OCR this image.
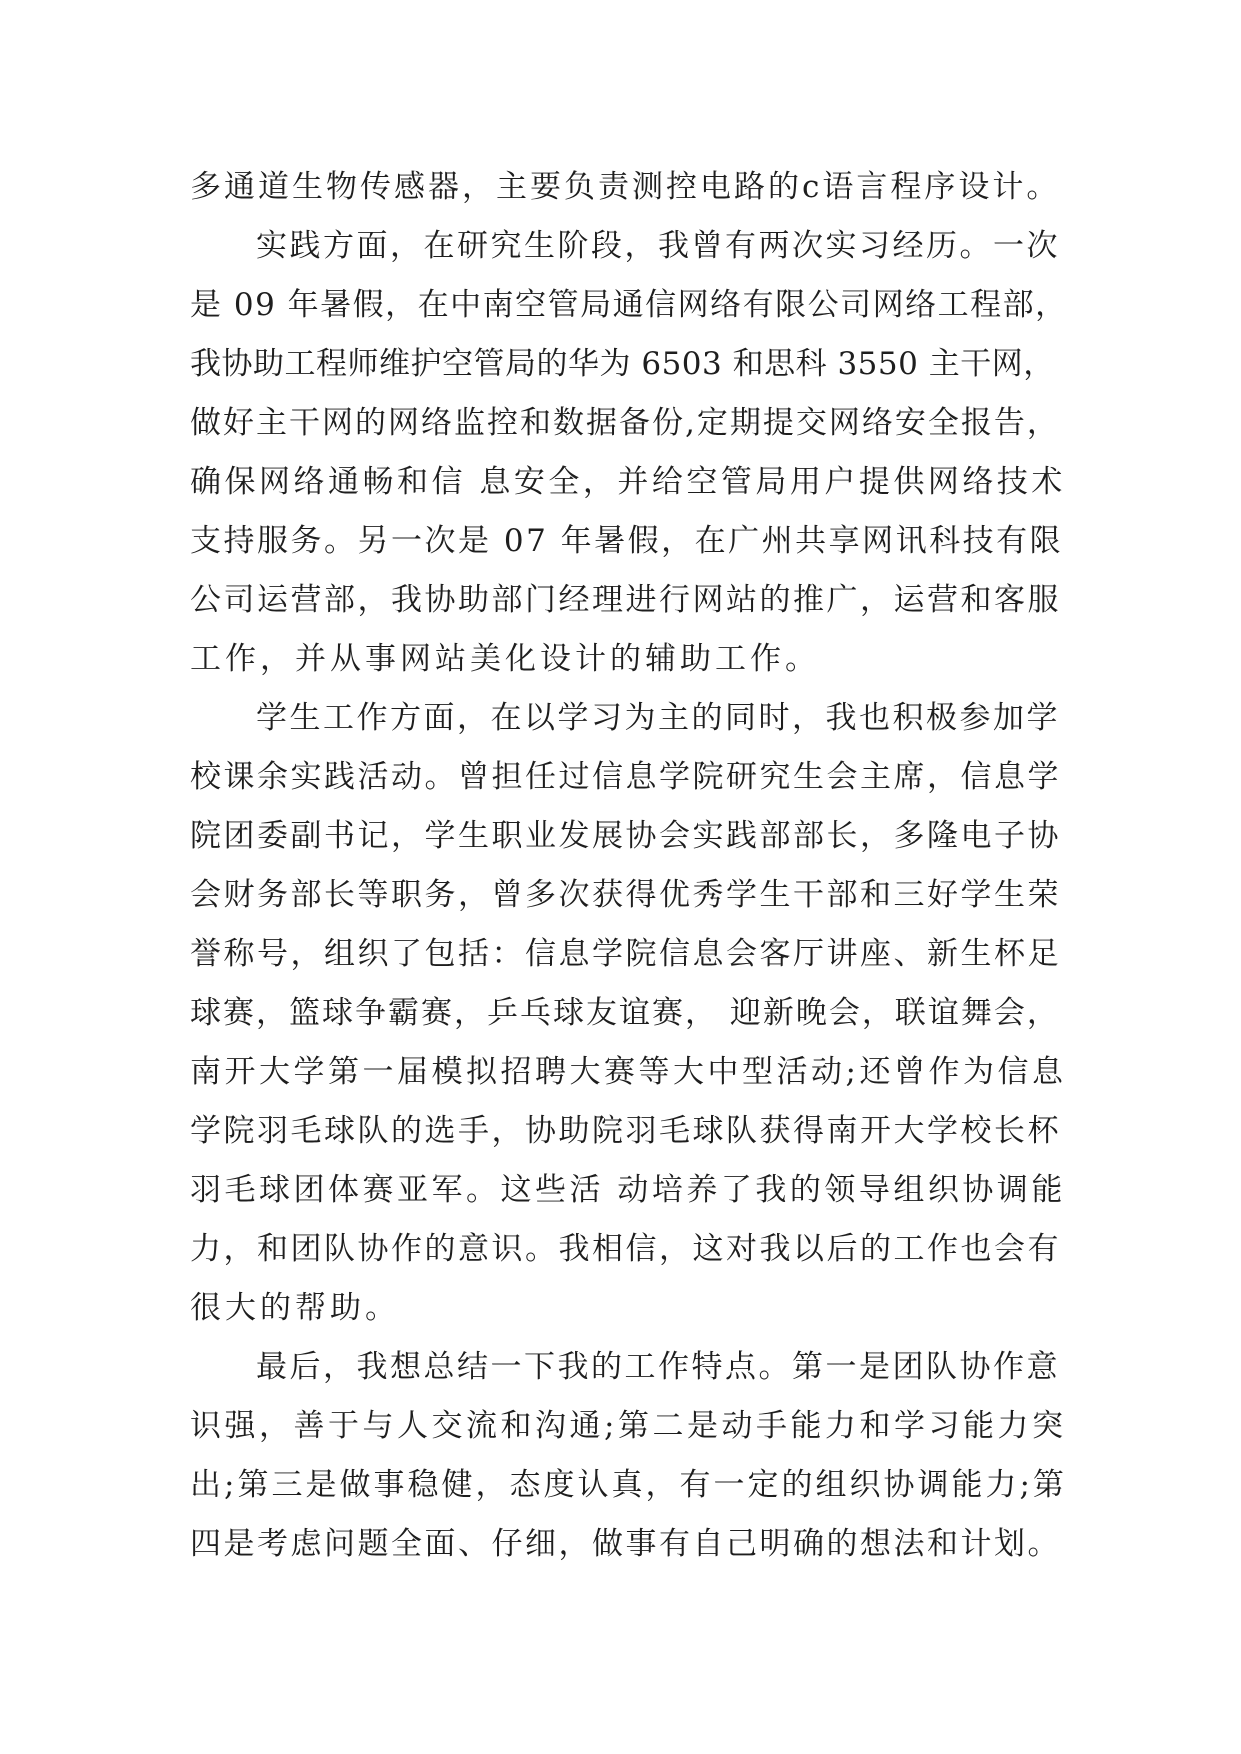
多通道生物传感器，主要负责测控电路的c语言程序设计。
实践方面，在研究生阶段，我曾有两次实习经历。一次
是 09 年暑假，在中南空管局通信网络有限公司网络工程部，
我协助工程师维护空管局的华为 6503 和思科 3550 主干网，
做好主干网的网络监控和数据备份,定期提交网络安全报告，
确保网络通畅和信 息安全，并给空管局用户提供网络技术
支持服务。另一次是 07 年暑假，在广州共享网讯科技有限
公司运营部，我协助部门经理进行网站的推广，运营和客服
工作，并从事网站美化设计的辅助工作。
学生工作方面，在以学习为主的同时，我也积极参加学
校课余实践活动。曾担任过信息学院研究生会主席，信息学
院团委副书记，学生职业发展协会实践部部长，多隆电子协
会财务部长等职务，曾多次获得优秀学生干部和三好学生荣
誉称号，组织了包括：信息学院信息会客厅讲座、新生杯足
球赛，篮球争霸赛，乒乓球友谊赛， 迎新晚会，联谊舞会，
南开大学第一届模拟招聘大赛等大中型活动;还曾作为信息
学院羽毛球队的选手，协助院羽毛球队获得南开大学校长杯
羽毛球团体赛亚军。这些活 动培养了我的领导组织协调能
力，和团队协作的意识。我相信，这对我以后的工作也会有
很大的帮助。
最后，我想总结一下我的工作特点。第一是团队协作意
识强，善于与人交流和沟通;第二是动手能力和学习能力突
出;第三是做事稳健，态度认真，有一定的组织协调能力;第
四是考虑问题全面、仔细，做事有自己明确的想法和计划。
